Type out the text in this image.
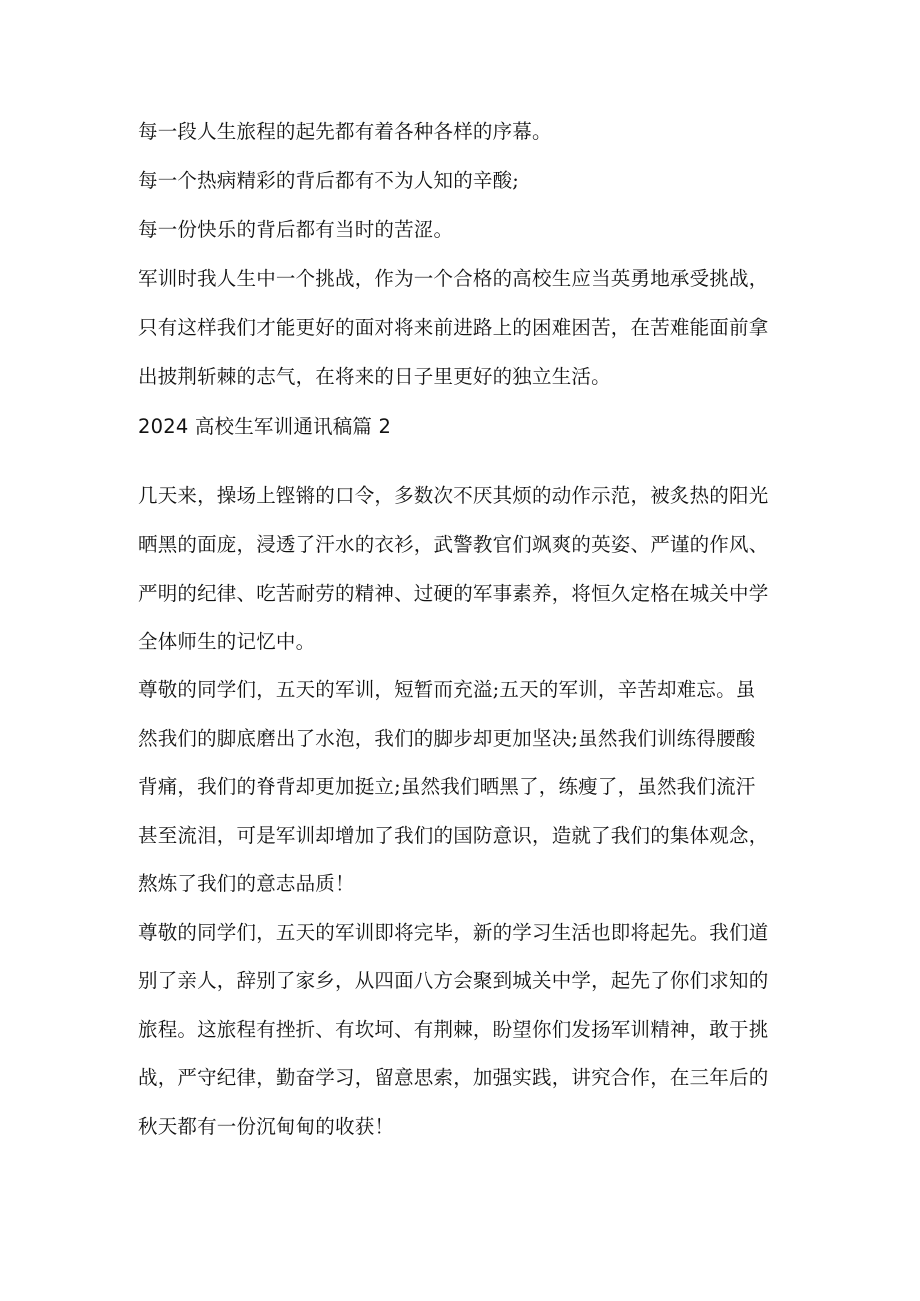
每一段人生旅程的起先都有着各种各样的序幕。

每一个热病精彩的背后都有不为人知的辛酸;

每一份快乐的背后都有当时的苦涩。

军训时我人生中一个挑战，作为一个合格的高校生应当英勇地承受挑战，

只有这样我们才能更好的面对将来前进路上的困难困苦，在苦难能面前拿

出披荆斩棘的志气，在将来的日子里更好的独立生活。

2024 高校生军训通讯稿篇 2

几天来，操场上铿锵的口令，多数次不厌其烦的动作示范，被炙热的阳光

晒黑的面庞，浸透了汗水的衣衫，武警教官们飒爽的英姿、严谨的作风、

严明的纪律、吃苦耐劳的精神、过硬的军事素养，将恒久定格在城关中学

全体师生的记忆中。

尊敬的同学们，五天的军训，短暂而充溢;五天的军训，辛苦却难忘。虽

然我们的脚底磨出了水泡，我们的脚步却更加坚决;虽然我们训练得腰酸

背痛，我们的脊背却更加挺立;虽然我们晒黑了，练瘦了，虽然我们流汗

甚至流泪，可是军训却增加了我们的国防意识，造就了我们的集体观念，

熬炼了我们的意志品质！

尊敬的同学们，五天的军训即将完毕，新的学习生活也即将起先。我们道

别了亲人，辞别了家乡，从四面八方会聚到城关中学，起先了你们求知的

旅程。这旅程有挫折、有坎坷、有荆棘，盼望你们发扬军训精神，敢于挑

战，严守纪律，勤奋学习，留意思索，加强实践，讲究合作，在三年后的

秋天都有一份沉甸甸的收获！
